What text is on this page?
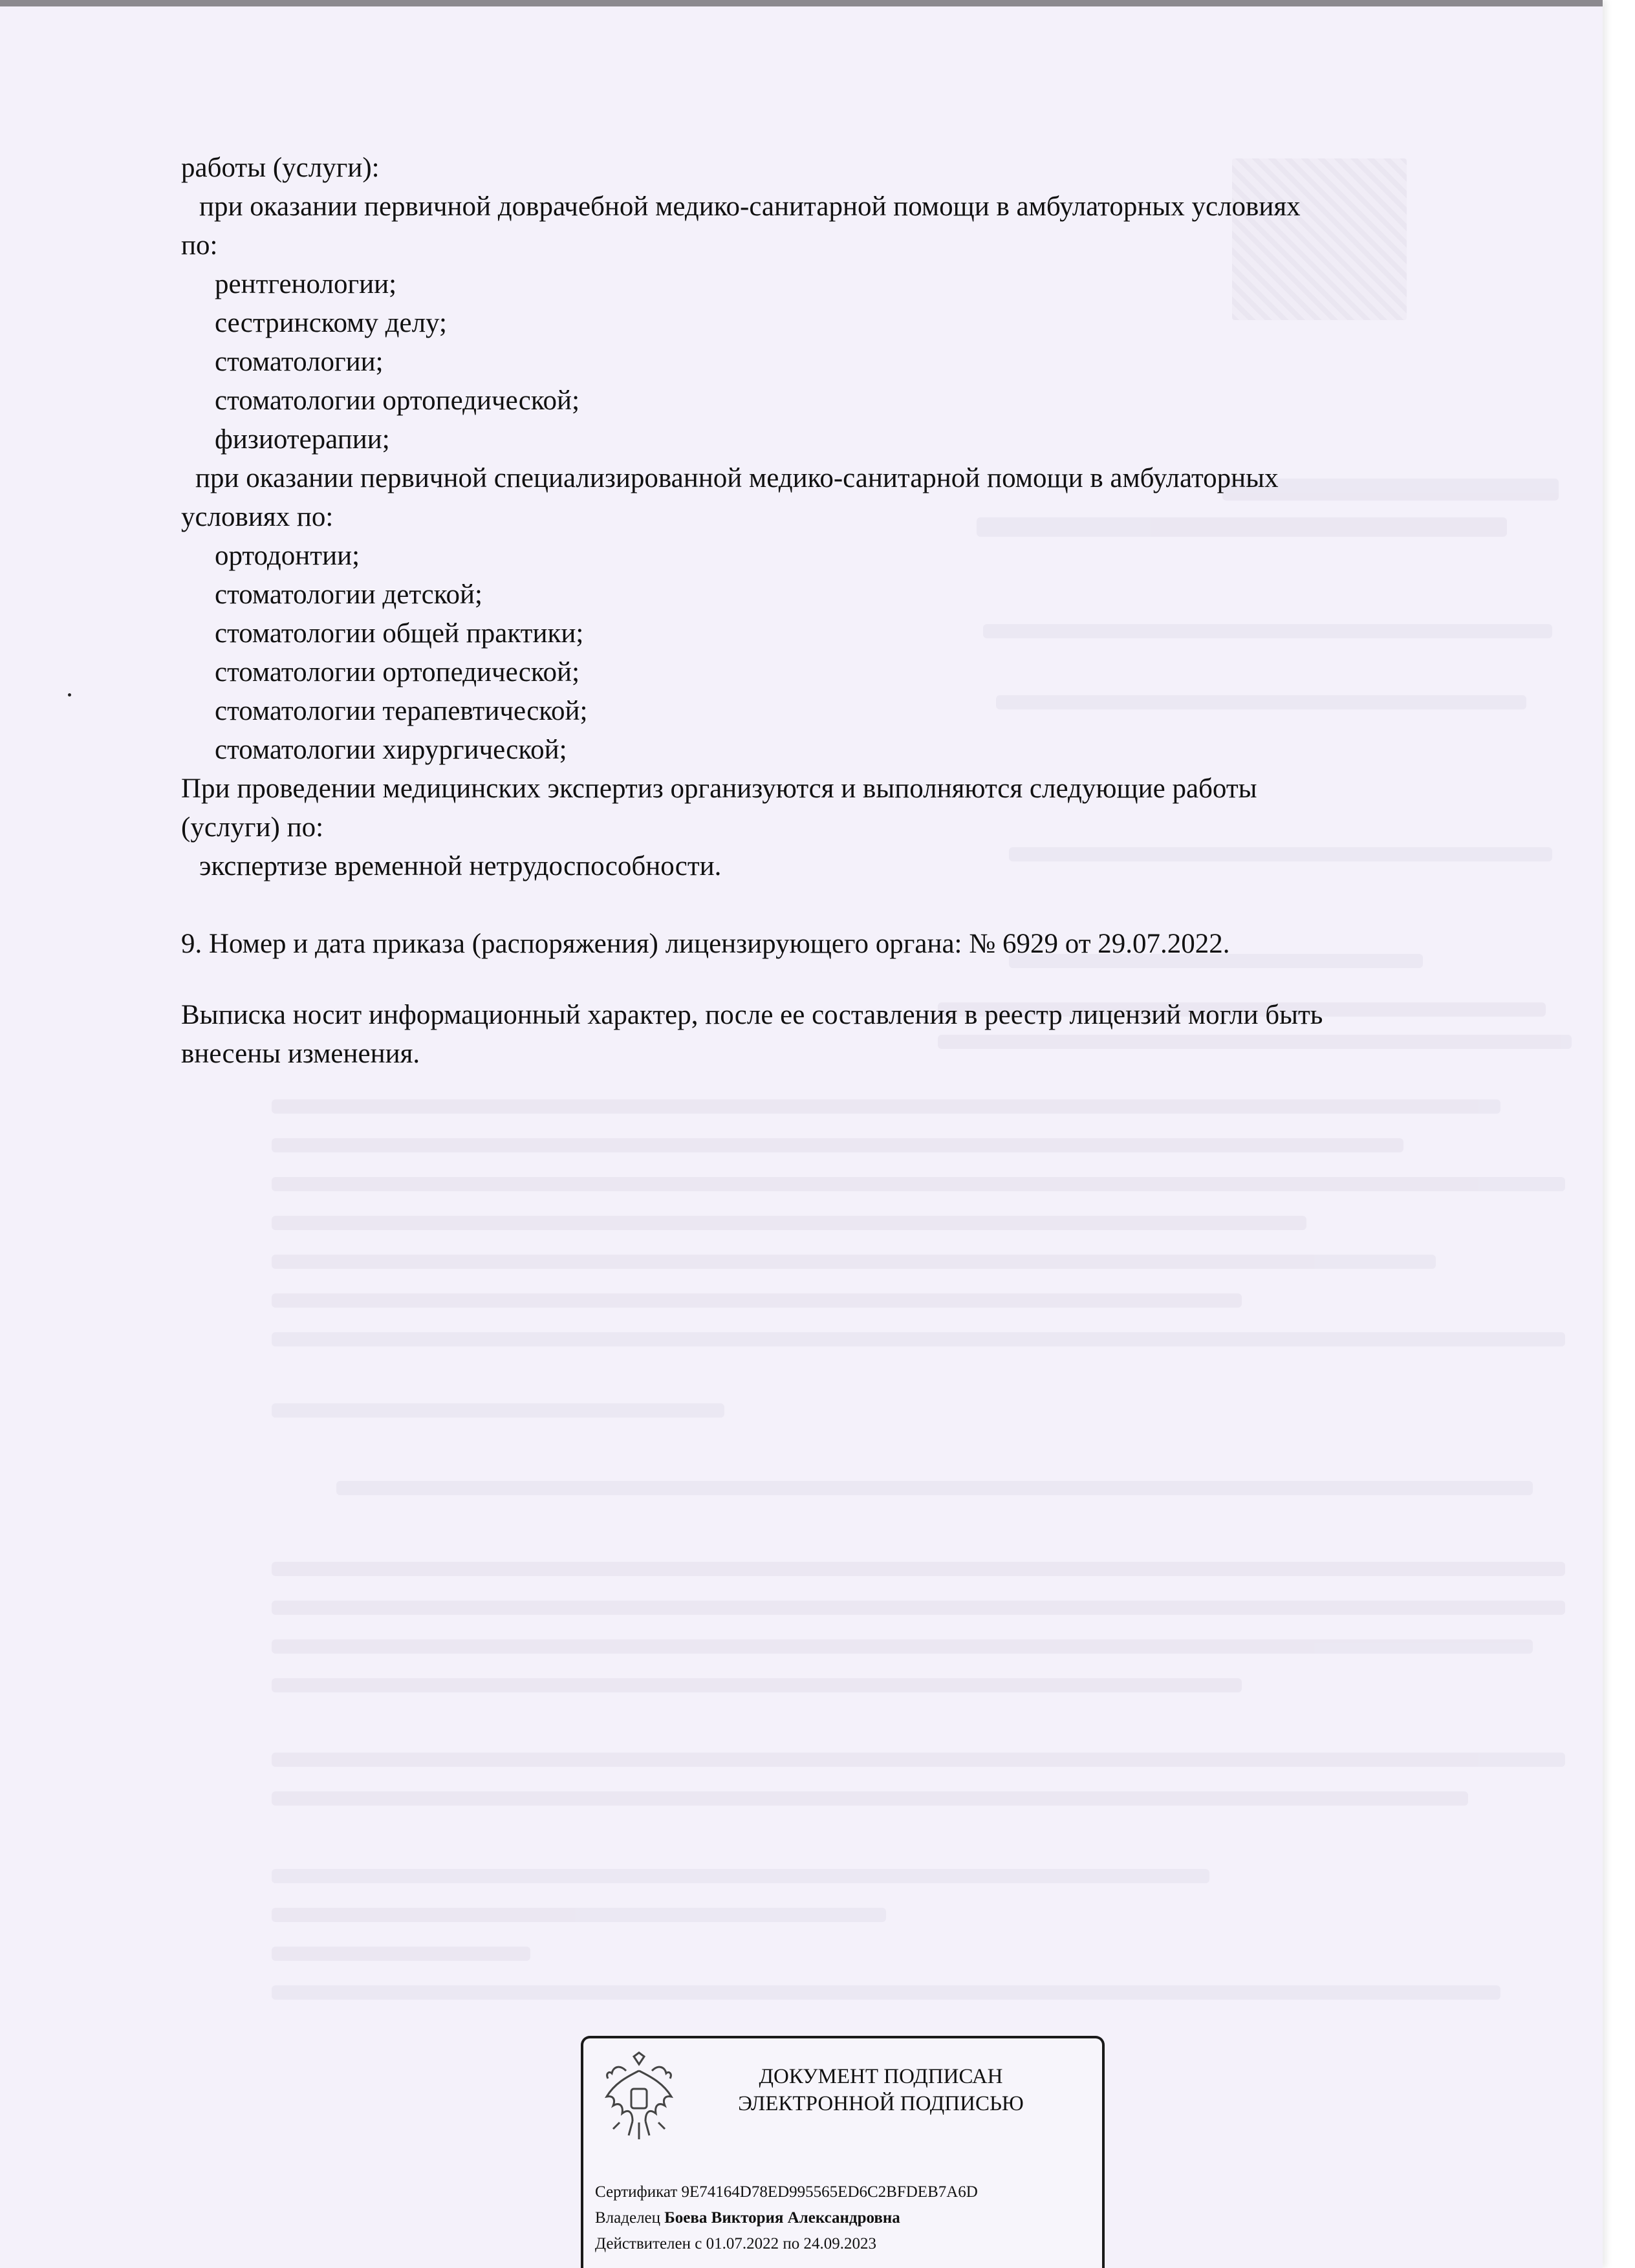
работы (услуги):
при оказании первичной доврачебной медико-санитарной помощи в амбулаторных условиях
по:
рентгенологии;
сестринскому делу;
стоматологии;
стоматологии ортопедической;
физиотерапии;
при оказании первичной специализированной медико-санитарной помощи в амбулаторных
условиях по:
ортодонтии;
стоматологии детской;
стоматологии общей практики;
стоматологии ортопедической;
стоматологии терапевтической;
стоматологии хирургической;
При проведении медицинских экспертиз организуются и выполняются следующие работы
(услуги) по:
экспертизе временной нетрудоспособности.
9. Номер и дата приказа (распоряжения) лицензирующего органа: № 6929 от 29.07.2022.
Выписка носит информационный характер, после ее составления в реестр лицензий могли быть
внесены изменения.
ДОКУМЕНТ ПОДПИСАН
ЭЛЕКТРОННОЙ ПОДПИСЬЮ
Сертификат 9E74164D78ED995565ED6C2BFDEB7A6D
Владелец Боева Виктория Александровна
Действителен с 01.07.2022 по 24.09.2023
